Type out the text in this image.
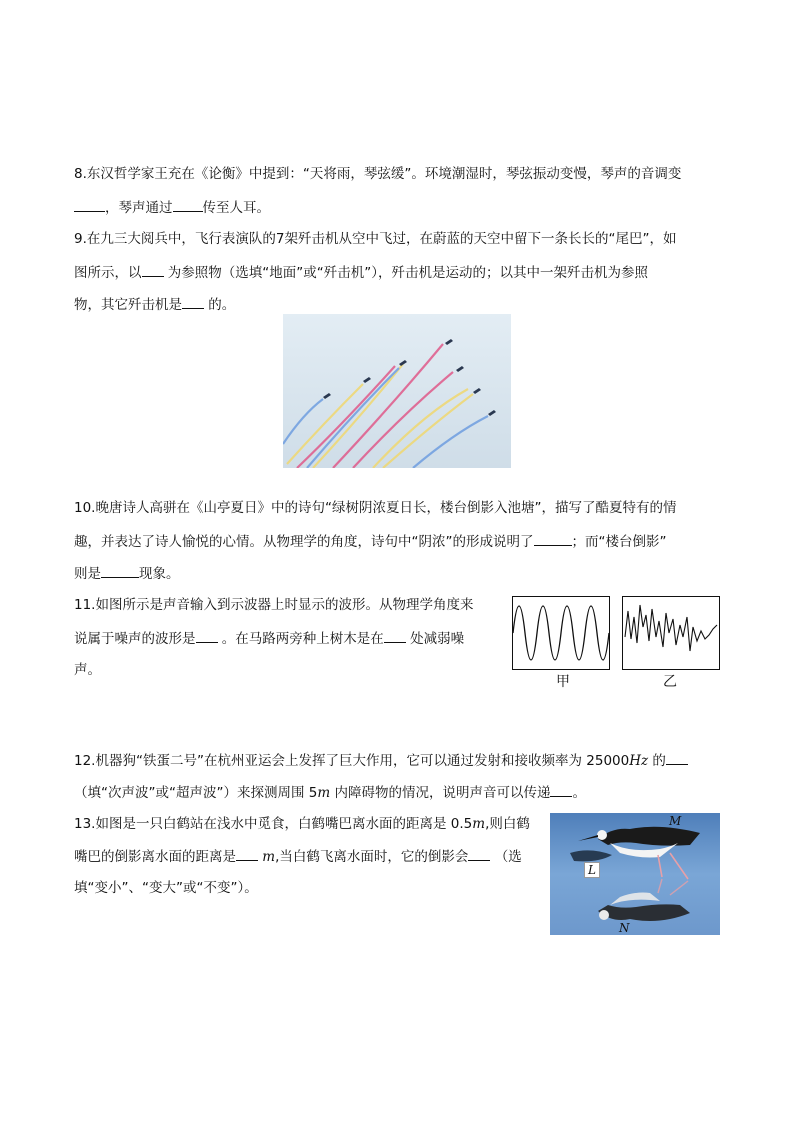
8.东汉哲学家王充在《论衡》中提到：“天将雨，琴弦缓”。环境潮湿时，琴弦振动变慢，琴声的音调变
，琴声通过 传至人耳。
9.在九三大阅兵中，飞行表演队的7架歼击机从空中飞过，在蔚蓝的天空中留下一条长长的“尾巴”，如
图所示，以 为参照物（选填“地面”或“歼击机”），歼击机是运动的；以其中一架歼击机为参照
物，其它歼击机是 的。
10.晚唐诗人高骈在《山亭夏日》中的诗句“绿树阴浓夏日长，楼台倒影入池塘”，描写了酷夏特有的情
趣，并表达了诗人愉悦的心情。从物理学的角度，诗句中“阴浓”的形成说明了	；而“楼台倒影”
则是	现象。
11.如图所示是声音输入到示波器上时显示的波形。从物理学角度来
说属于噪声的波形是 。在马路两旁种上树木是在 处减弱噪
声。
甲	乙
12.机器狗“铁蛋二号”在杭州亚运会上发挥了巨大作用，它可以通过发射和接收频率为 25000Hz 的
（填“次声波”或“超声波”）来探测周围 5m 内障碍物的情况，说明声音可以传递 。
13.如图是一只白鹤站在浅水中觅食，白鹤嘴巴离水面的距离是 0.5m,则白鹤
嘴巴的倒影离水面的距离是 m,当白鹤飞离水面时，它的倒影会 （选
填“变小”、“变大”或“不变”）。
M
L
N
